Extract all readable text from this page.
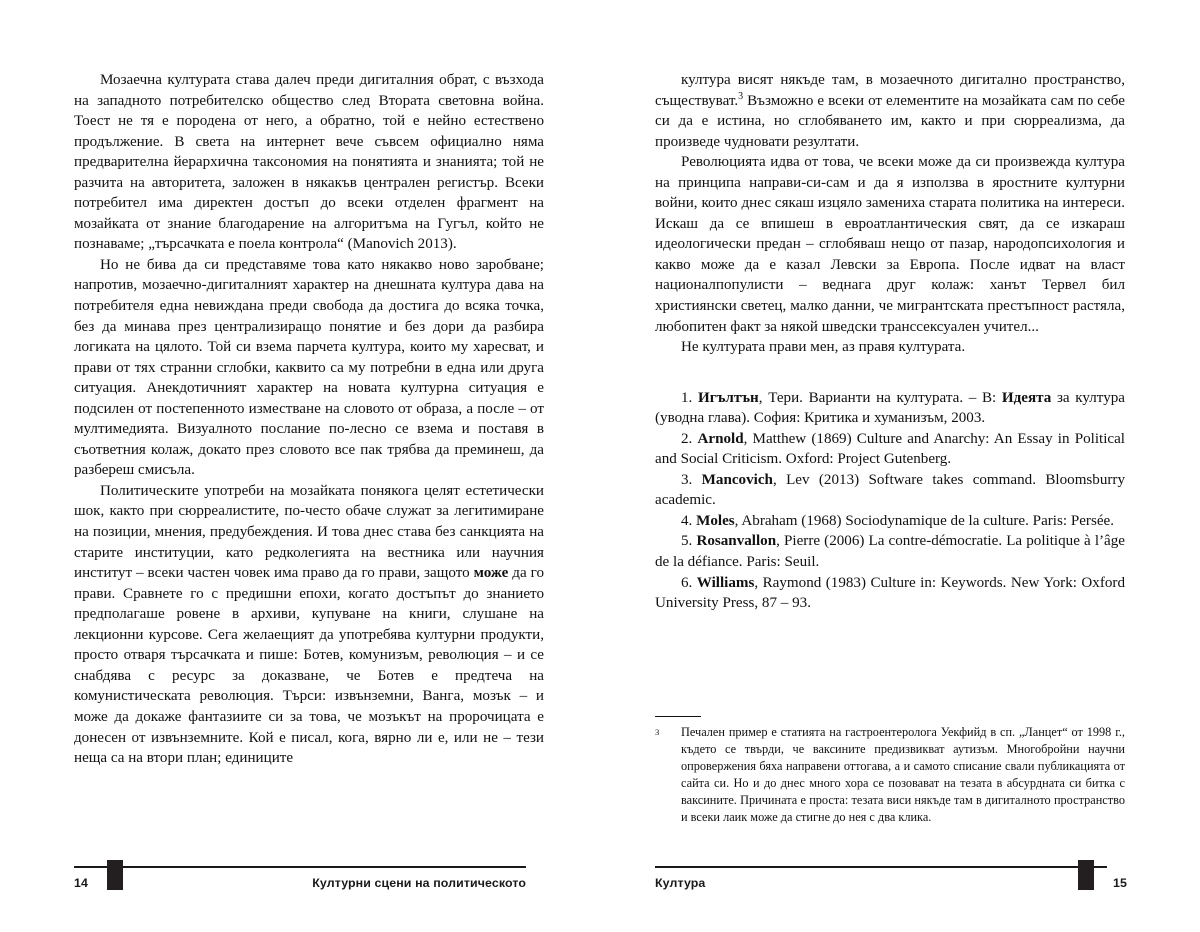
Мозаечна културата става далеч преди дигиталния обрат, с възхода на западното потребителско общество след Втората световна война. Тоест не тя е породена от него, а обратно, той е нейно естествено продължение. В света на интернет вече съвсем официално няма предварителна йерархична таксономия на понятията и знанията; той не разчита на авторитета, заложен в някакъв централен регистър. Всеки потребител има директен достъп до всеки отделен фрагмент на мозайката от знание благодарение на алгоритъма на Гугъл, който не познаваме; „търсачката е поела контрола“ (Manovich 2013).

Но не бива да си представяме това като някакво ново заробване; напротив, мозаечно-дигиталният характер на днешната култура дава на потребителя една невиждана преди свобода да достига до всяка точка, без да минава през централизиращо понятие и без дори да разбира логиката на цялото. Той си взема парчета култура, които му харесват, и прави от тях странни сглобки, каквито са му потребни в една или друга ситуация. Анекдотичният характер на новата културна ситуация е подсилен от постепенното изместване на словото от образа, а после – от мултимедията. Визуалното послание по-лесно се взема и поставя в съответния колаж, докато през словото все пак трябва да преминеш, да разбереш смисъла.

Политическите употреби на мозайката понякога целят естетически шок, както при сюрреалистите, по-често обаче служат за легитимиране на позиции, мнения, предубеждения. И това днес става без санкцията на старите институции, като редколегията на вестника или научния институт – всеки частен човек има право да го прави, защото може да го прави. Сравнете го с предишни епохи, когато достъпът до знанието предполагаше ровене в архиви, купуване на книги, слушане на лекционни курсове. Сега желаещият да употребява културни продукти, просто отваря търсачката и пише: Ботев, комунизъм, революция – и се снабдява с ресурс за доказване, че Ботев е предтеча на комунистическата революция. Търси: извънземни, Ванга, мозък – и може да докаже фантазиите си за това, че мозъкът на пророчицата е донесен от извънземните. Кой е писал, кога, вярно ли е, или не – тези неща са на втори план; единиците

14	Културни сцени на политическото

култура висят някъде там, в мозаечното дигитално пространство, съществуват.$^3$ Възможно е всеки от елементите на мозайката сам по себе си да е истина, но сглобяването им, както и при сюрреализма, да произведе чудновати резултати.

Революцията идва от това, че всеки може да си произвежда култура на принципа направи-си-сам и да я използва в яростните културни войни, които днес сякаш изцяло замениха старата политика на интереси. Искаш да се впишеш в евроатлантическия свят, да се изкараш идеологически предан – сглобяваш нещо от пазар, народопсихология и какво може да е казал Левски за Европа. После идват на власт националпопулисти – веднага друг колаж: ханът Тервел бил християнски светец, малко данни, че мигрантската престъпност растяла, любопитен факт за някой шведски транссексуален учител...

Не културата прави мен, аз правя културата.

1. Игълтън, Тери. Варианти на културата. – В: Идеята за култура (уводна глава). София: Критика и хуманизъм, 2003.

2. Arnold, Matthew (1869) Culture and Anarchy: An Essay in Political and Social Criticism. Oxford: Project Gutenberg.

3. Mancovich, Lev (2013) Software takes command. Bloomsburry academic.

4. Moles, Abraham (1968) Sociodynamique de la culture. Paris: Persée.

5. Rosanvallon, Pierre (2006) La contre-démocratie. La politique à l’âge de la défiance. Paris: Seuil.

6. Williams, Raymond (1983) Culture in: Keywords. New York: Oxford University Press, 87 – 93.

3	Печален пример е статията на гастроентеролога Уекфийд в сп. „Ланцет“ от 1998 г., където се твърди, че ваксините предизвикват аутизъм. Многобройни научни опровержения бяха направени оттогава, а и самото списание свали публикацията от сайта си. Но и до днес много хора се позовават на тезата в абсурдната си битка с ваксините. Причината е проста: тезата виси някъде там в дигиталното пространство и всеки лаик може да стигне до нея с два клика.
Култура	15
